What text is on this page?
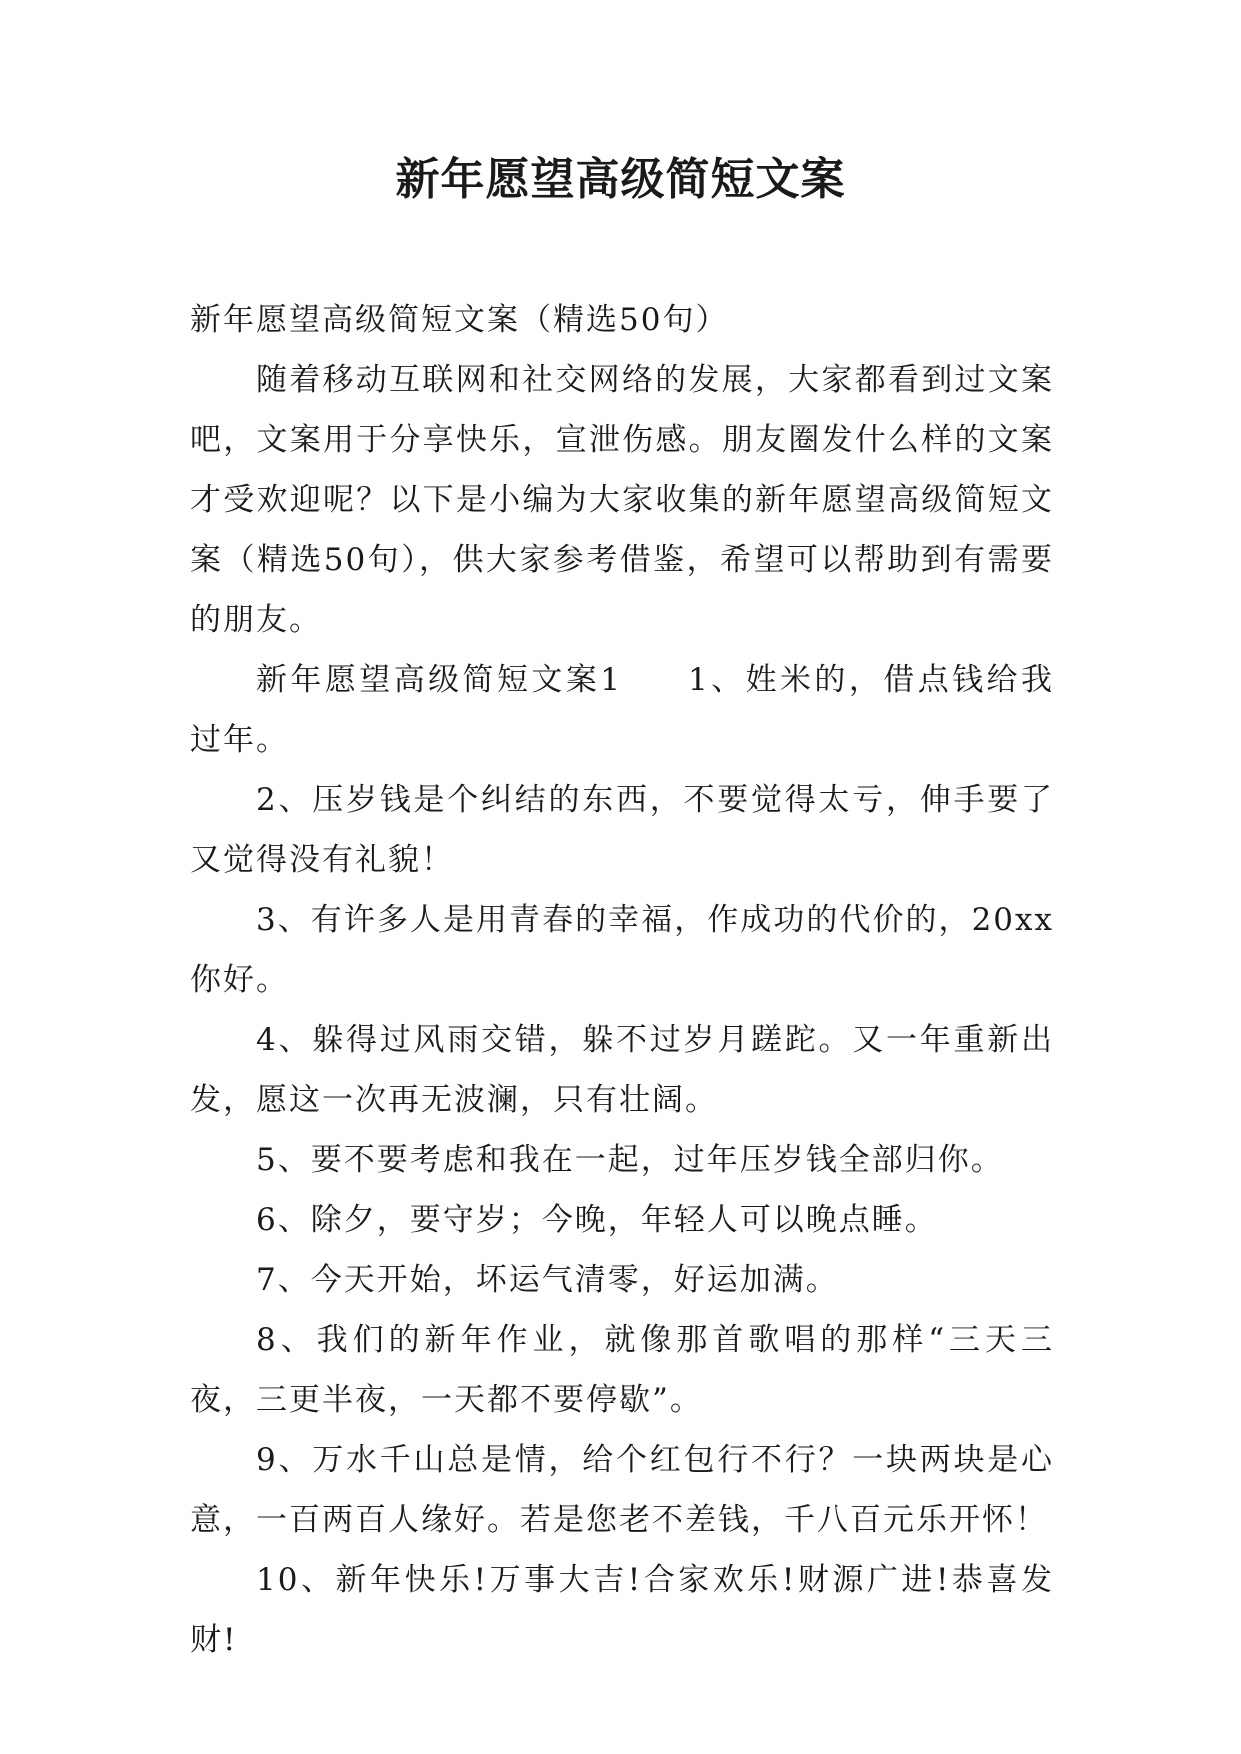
新年愿望高级简短文案

新年愿望高级简短文案（精选50句）

随着移动互联网和社交网络的发展，大家都看到过文案吧，文案用于分享快乐，宣泄伤感。朋友圈发什么样的文案才受欢迎呢？以下是小编为大家收集的新年愿望高级简短文案（精选50句），供大家参考借鉴，希望可以帮助到有需要的朋友。

新年愿望高级简短文案1 1、姓米的，借点钱给我过年。

2、压岁钱是个纠结的东西，不要觉得太亏，伸手要了又觉得没有礼貌！

3、有许多人是用青春的幸福，作成功的代价的，20xx你好。

4、躲得过风雨交错，躲不过岁月蹉跎。又一年重新出发，愿这一次再无波澜，只有壮阔。

5、要不要考虑和我在一起，过年压岁钱全部归你。

6、除夕，要守岁；今晚，年轻人可以晚点睡。

7、今天开始，坏运气清零，好运加满。

8、我们的新年作业，就像那首歌唱的那样“三天三夜，三更半夜，一天都不要停歇”。

9、万水千山总是情，给个红包行不行？一块两块是心意，一百两百人缘好。若是您老不差钱，千八百元乐开怀！

10、新年快乐!万事大吉!合家欢乐!财源广进!恭喜发财!
